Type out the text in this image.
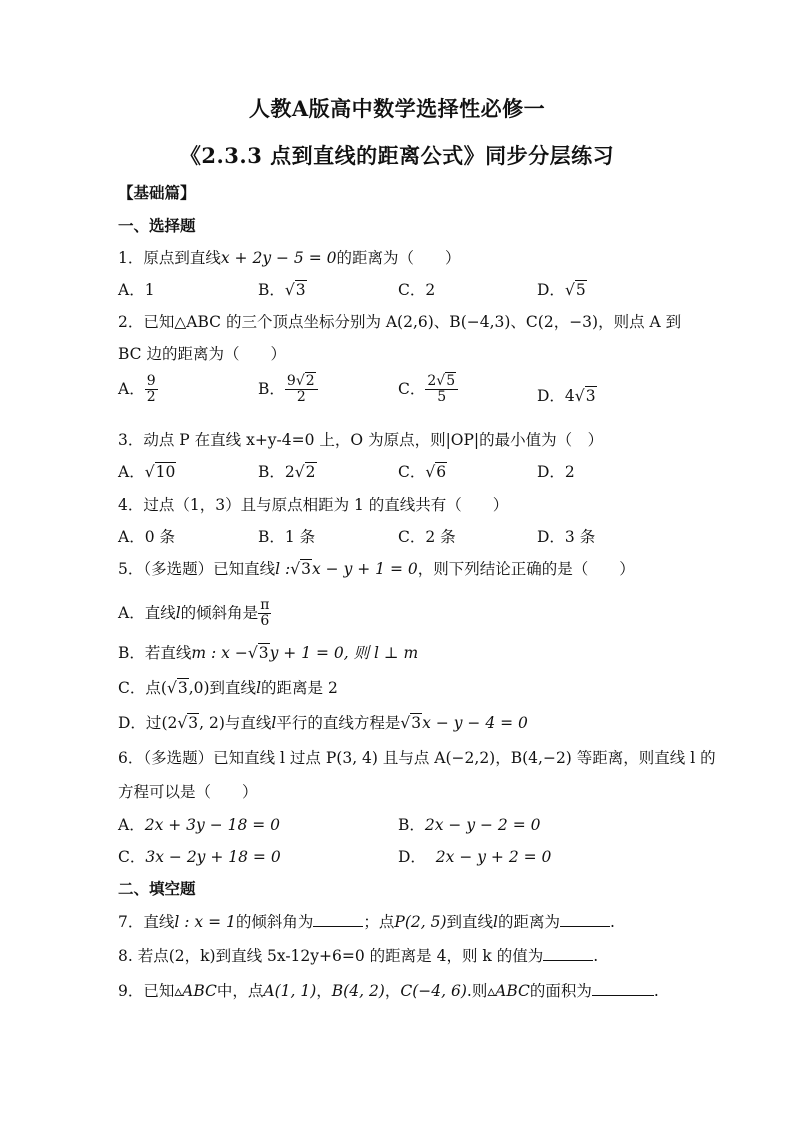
人教A版高中数学选择性必修一
《2.3.3 点到直线的距离公式》同步分层练习
【基础篇】
一、选择题
1．原点到直线x + 2y − 5 = 0的距离为（　　）
A．1	B．√3	C．2	D．√5
2．已知△ABC 的三个顶点坐标分别为 A(2,6)、B(−4,3)、C(2，−3)，则点 A 到
BC 边的距离为（　　）
A． $\frac{9}{2}$	B． $\frac{9√2}{2}$	C． $\frac{2√5}{5}$	D．4√3
3．动点 P 在直线 x+y-4=0 上，O 为原点，则|OP|的最小值为（　）
A．√10	B．2√2	C．√6	D．2
4．过点（1，3）且与原点相距为 1 的直线共有（　　）
A．0 条	B．1 条	C．2 条	D．3 条
5．（多选题）已知直线l :√3x − y + 1 = 0，则下列结论正确的是（　　）
A．直线l的倾斜角是 $\frac{\pi}{6}$
B．若直线m : x −√3y + 1 = 0, 则 l ⊥ m
C．点(√3,0)到直线l的距离是 2
D．过(2√3, 2)与直线l平行的直线方程是√3x − y − 4 = 0
6．（多选题）已知直线 l 过点 P(3, 4) 且与点 A(−2,2)，B(4,−2) 等距离，则直线 l 的
方程可以是（　　）
A．2x + 3y − 18 = 0	B．2x − y − 2 = 0
C．3x − 2y + 18 = 0	D． 2x − y + 2 = 0
二、填空题
7．直线l : x = 1的倾斜角为	；点P(2, 5)到直线l的距离为	.
8. 若点(2，k)到直线 5x-12y+6=0 的距离是 4，则 k 的值为	.
9．已知▵ABC中，点A(1, 1)，B(4, 2)，C(−4, 6).则▵ABC的面积为	.
